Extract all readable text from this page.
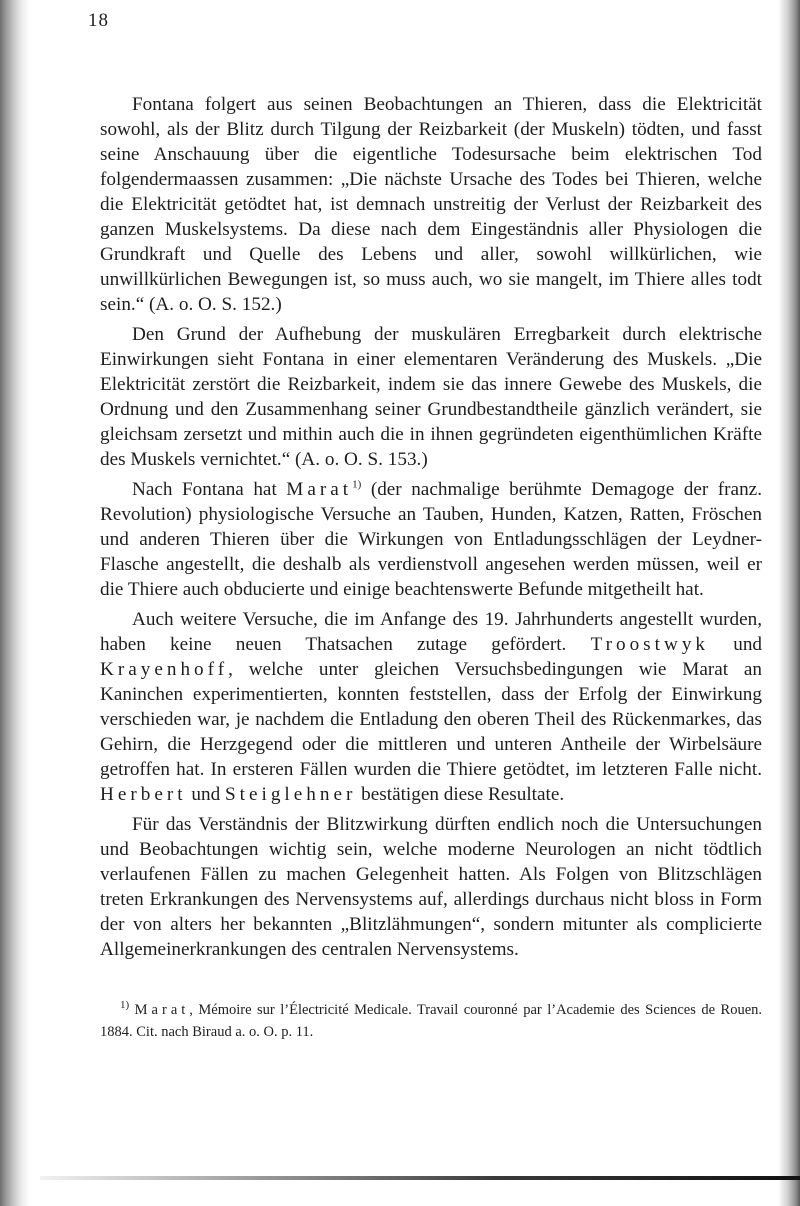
18

Fontana folgert aus seinen Beobachtungen an Thieren, dass die Elektricität sowohl, als der Blitz durch Tilgung der Reizbarkeit (der Muskeln) tödten, und fasst seine Anschauung über die eigentliche Todesursache beim elektrischen Tod folgendermaassen zusammen: „Die nächste Ursache des Todes bei Thieren, welche die Elektricität getödtet hat, ist demnach unstreitig der Verlust der Reizbarkeit des ganzen Muskelsystems. Da diese nach dem Eingeständnis aller Physiologen die Grundkraft und Quelle des Lebens und aller, sowohl willkürlichen, wie unwillkürlichen Bewegungen ist, so muss auch, wo sie mangelt, im Thiere alles todt sein.“ (A. o. O. S. 152.)

Den Grund der Aufhebung der muskulären Erregbarkeit durch elektrische Einwirkungen sieht Fontana in einer elementaren Veränderung des Muskels. „Die Elektricität zerstört die Reizbarkeit, indem sie das innere Gewebe des Muskels, die Ordnung und den Zusammenhang seiner Grundbestandtheile gänzlich verändert, sie gleichsam zersetzt und mithin auch die in ihnen gegründeten eigenthümlichen Kräfte des Muskels vernichtet.“ (A. o. O. S. 153.)

Nach Fontana hat Marat$^{1)}$ (der nachmalige berühmte Demagoge der franz. Revolution) physiologische Versuche an Tauben, Hunden, Katzen, Ratten, Fröschen und anderen Thieren über die Wirkungen von Entladungsschlägen der Leydner-Flasche angestellt, die deshalb als verdienstvoll angesehen werden müssen, weil er die Thiere auch obducierte und einige beachtenswerte Befunde mitgetheilt hat.

Auch weitere Versuche, die im Anfange des 19. Jahrhunderts angestellt wurden, haben keine neuen Thatsachen zutage gefördert. Troostwyk und Krayenhoff, welche unter gleichen Versuchsbedingungen wie Marat an Kaninchen experimentierten, konnten feststellen, dass der Erfolg der Einwirkung verschieden war, je nachdem die Entladung den oberen Theil des Rückenmarkes, das Gehirn, die Herzgegend oder die mittleren und unteren Antheile der Wirbelsäure getroffen hat. In ersteren Fällen wurden die Thiere getödtet, im letzteren Falle nicht. Herbert und Steiglehner bestätigen diese Resultate.

Für das Verständnis der Blitzwirkung dürften endlich noch die Untersuchungen und Beobachtungen wichtig sein, welche moderne Neurologen an nicht tödtlich verlaufenen Fällen zu machen Gelegenheit hatten. Als Folgen von Blitzschlägen treten Erkrankungen des Nervensystems auf, allerdings durchaus nicht bloss in Form der von alters her bekannten „Blitzlähmungen“, sondern mitunter als complicierte Allgemeinerkrankungen des centralen Nervensystems.

$^{1)}$ Marat, Mémoire sur l’Électricité Medicale. Travail couronné par l’Academie des Sciences de Rouen. 1884. Cit. nach Biraud a. o. O. p. 11.
